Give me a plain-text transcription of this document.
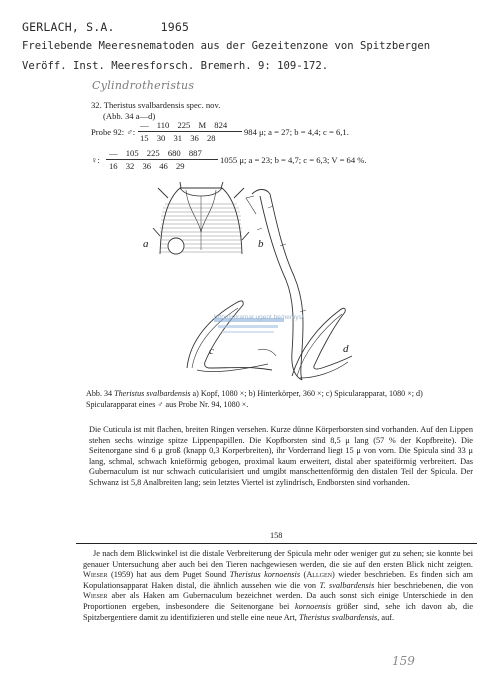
GERLACH, S.A.	1965
Freilebende Meeresnematoden aus der Gezeitenzone von Spitzbergen
Veröff. Inst. Meeresforsch. Bremerh. 9: 109-172.
Cylindrotheristus
32. Theristus svalbardensis spec. nov.
(Abb. 34 a—d)
Probe 92: ♂:
— 110 225 M 824
15 30 31 36 28
984 μ; a = 27; b = 4,4; c = 6,1.
♀:
— 105 225 680 887
16 32 36 46 29
1055 μ; a = 23; b = 4,7; c = 6,3; V = 64 %.
a	b
c	d
http://intramar.ugent.be/nemys/
Abb. 34 Theristus svalbardensis a) Kopf, 1080 ×; b) Hinterkörper, 360 ×; c) Spicularapparat, 1080 ×; d) Spicularapparat eines ♂ aus Probe Nr. 94, 1080 ×.
Die Cuticula ist mit flachen, breiten Ringen versehen. Kurze dünne Körperborsten sind vorhanden. Auf den Lippen stehen sechs winzige spitze Lippenpapillen. Die Kopfborsten sind 8,5 μ lang (57 % der Kopfbreite). Die Seitenorgane sind 6 μ groß (knapp 0,3 Korperbreiten), ihr Vorderrand liegt 15 μ von vorn. Die Spicula sind 33 μ lang, schmal, schwach knieförmig gebogen, proximal kaum erweitert, distal aber spateiförmig verbreitert. Das Gubernaculum ist nur schwach cuticularisiert und umgibt manschettenförmig den distalen Teil der Spicula. Der Schwanz ist 5,8 Analbreiten lang; sein letztes Viertel ist zylindrisch, Endborsten sind vorhanden.
158
Je nach dem Blickwinkel ist die distale Verbreiterung der Spicula mehr oder weniger gut zu sehen; sie konnte bei genauer Untersuchung aber auch bei den Tieren nachgewiesen werden, die sie auf den ersten Blick nicht zeigten. Wieser (1959) hat aus dem Puget Sound Theristus kornoensis (Allgen) wieder beschrieben. Es finden sich am Kopulationsapparat Haken distal, die ähnlich aussehen wie die von T. svalbardensis hier beschriebenen, die von Wieser aber als Haken am Gubernaculum bezeichnet werden. Da auch sonst sich einige Unterschiede in den Proportionen ergeben, insbesondere die Seitenorgane bei kornoensis größer sind, sehe ich davon ab, die Spitzbergentiere damit zu identifizieren und stelle eine neue Art, Theristus svalbardensis, auf.
159
